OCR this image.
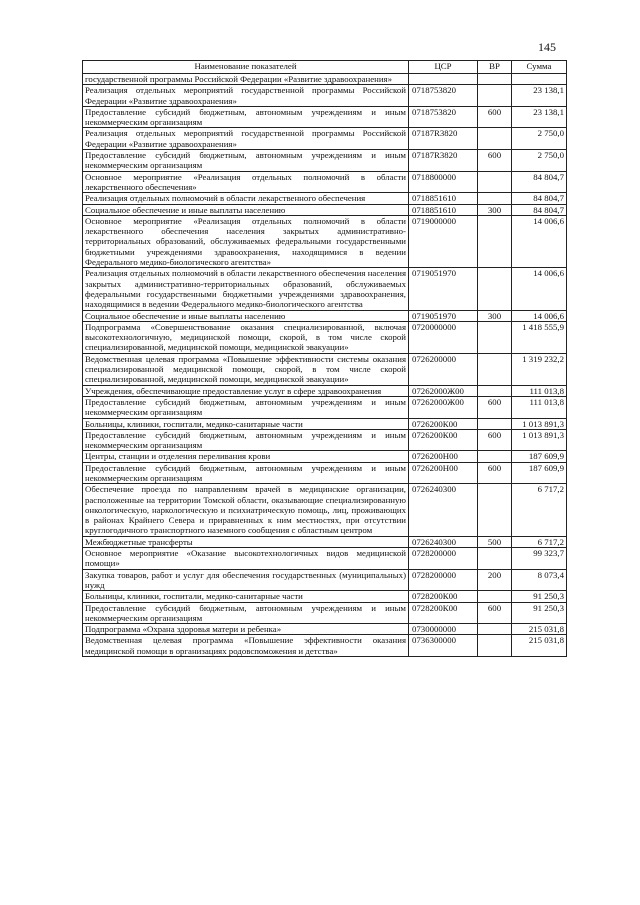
145
Наименование показателей	ЦСР	ВР	Сумма
государственной программы Российской Федерации «Развитие здравоохранения»			
Реализация отдельных мероприятий государственной программы Российской Федерации «Развитие здравоохранения»	0718753820		23 138,1
Предоставление субсидий бюджетным, автономным учреждениям и иным некоммерческим организациям	0718753820	600	23 138,1
Реализация отдельных мероприятий государственной программы Российской Федерации «Развитие здравоохранения»	07187R3820		2 750,0
Предоставление субсидий бюджетным, автономным учреждениям и иным некоммерческим организациям	07187R3820	600	2 750,0
Основное мероприятие «Реализация отдельных полномочий в области лекарственного обеспечения»	0718800000		84 804,7
Реализация отдельных полномочий в области лекарственного обеспечения	0718851610		84 804,7
Социальное обеспечение и иные выплаты населению	0718851610	300	84 804,7
Основное мероприятие «Реализация отдельных полномочий в области лекарственного обеспечения населения закрытых административно-территориальных образований, обслуживаемых федеральными государственными бюджетными учреждениями здравоохранения, находящимися в ведении Федерального медико-биологического агентства»	0719000000		14 006,6
Реализация отдельных полномочий в области лекарственного обеспечения населения закрытых административно-территориальных образований, обслуживаемых федеральными государственными бюджетными учреждениями здравоохранения, находящимися в ведении Федерального медико-биологического агентства	0719051970		14 006,6
Социальное обеспечение и иные выплаты населению	0719051970	300	14 006,6
Подпрограмма «Совершенствование оказания специализированной, включая высокотехнологичную, медицинской помощи, скорой, в том числе скорой специализированной, медицинской помощи, медицинской эвакуации»	0720000000		1 418 555,9
Ведомственная целевая программа «Повышение эффективности системы оказания специализированной медицинской помощи, скорой, в том числе скорой специализированной, медицинской помощи, медицинской эвакуации»	0726200000		1 319 232,2
Учреждения, обеспечивающие предоставление услуг в сфере здравоохранения	07262000Ж00		111 013,8
Предоставление субсидий бюджетным, автономным учреждениям и иным некоммерческим организациям	07262000Ж00	600	111 013,8
Больницы, клиники, госпитали, медико-санитарные части	0726200К00		1 013 891,3
Предоставление субсидий бюджетным, автономным учреждениям и иным некоммерческим организациям	0726200К00	600	1 013 891,3
Центры, станции и отделения переливания крови	0726200Н00		187 609,9
Предоставление субсидий бюджетным, автономным учреждениям и иным некоммерческим организациям	0726200Н00	600	187 609,9
Обеспечение проезда по направлениям врачей в медицинские организации, расположенные на территории Томской области, оказывающие специализированную онкологическую, наркологическую и психиатрическую помощь, лиц, проживающих в районах Крайнего Севера и приравненных к ним местностях, при отсутствии круглогодичного транспортного наземного сообщения с областным центром	0726240300		6 717,2
Межбюджетные трансферты	0726240300	500	6 717,2
Основное мероприятие «Оказание высокотехнологичных видов медицинской помощи»	0728200000		99 323,7
Закупка товаров, работ и услуг для обеспечения государственных (муниципальных) нужд	0728200000	200	8 073,4
Больницы, клиники, госпитали, медико-санитарные части	0728200К00		91 250,3
Предоставление субсидий бюджетным, автономным учреждениям и иным некоммерческим организациям	0728200К00	600	91 250,3
Подпрограмма «Охрана здоровья матери и ребенка»	0730000000		215 031,8
Ведомственная целевая программа «Повышение эффективности оказания медицинской помощи в организациях родовспоможения и детства»	0736300000		215 031,8
